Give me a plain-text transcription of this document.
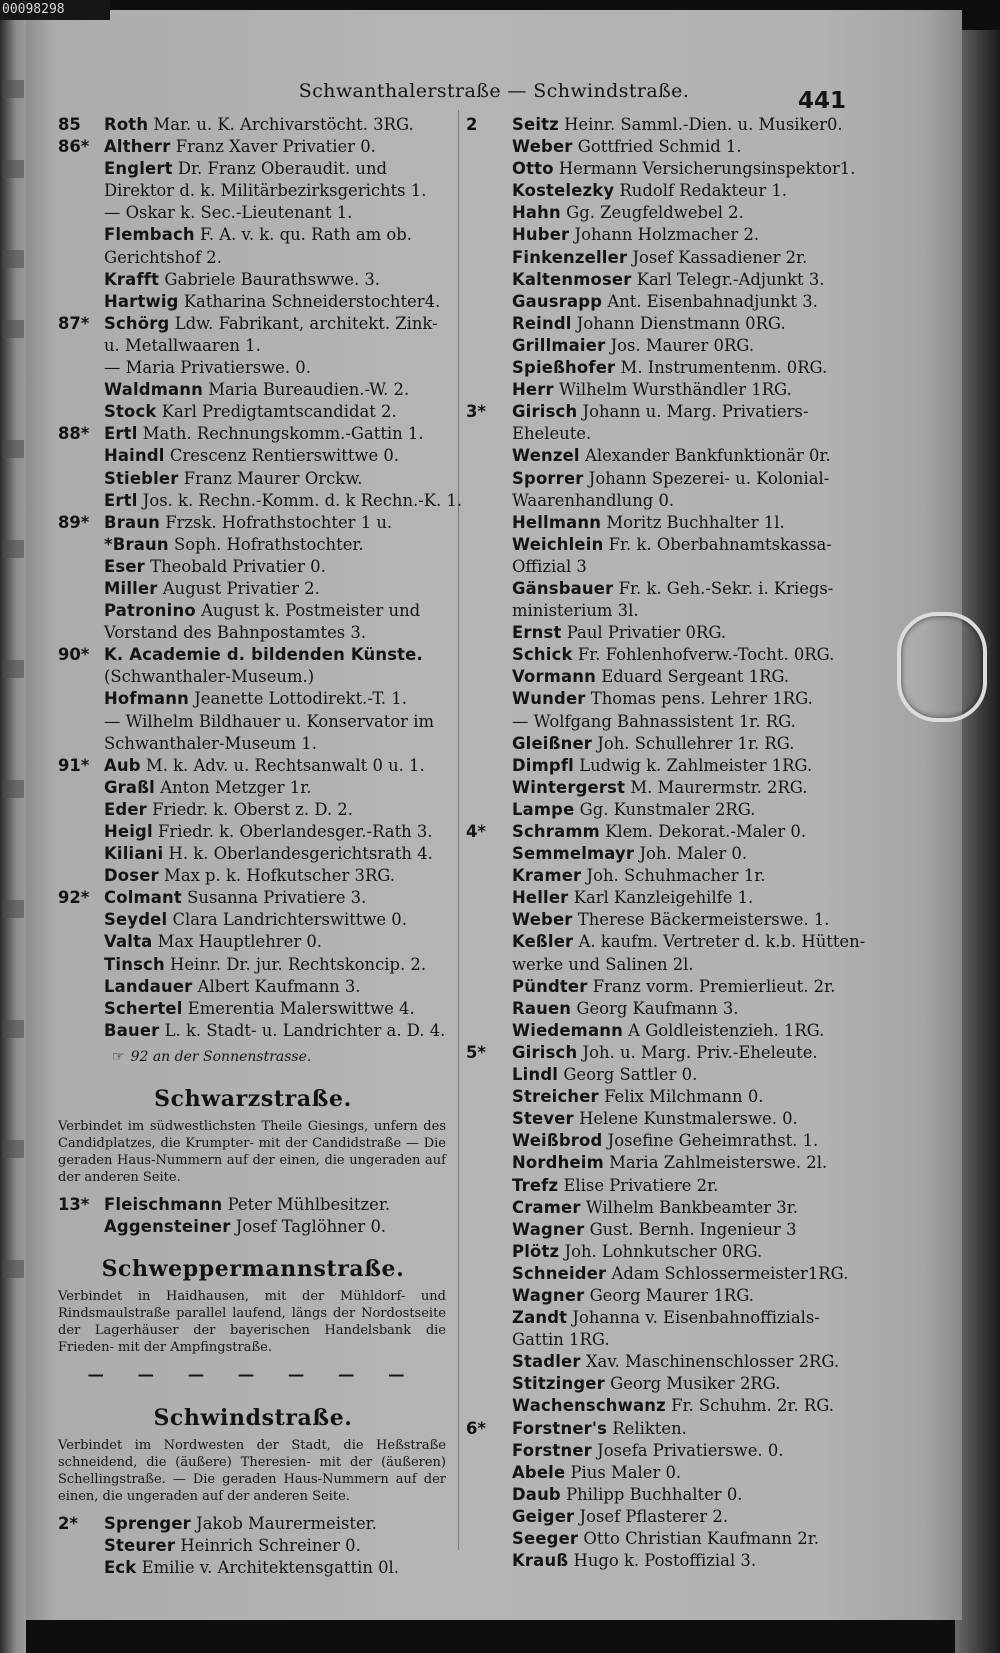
00098298
Schwanthalerstraße — Schwindstraße.	441
85 Roth Mar. u. K. Archivarstöcht. 3RG.
86* Altherr Franz Xaver Privatier 0.
Englert Dr. Franz Oberaudit. und
Direktor d. k. Militärbezirksgerichts 1.
— Oskar k. Sec.-Lieutenant 1.
Flembach F. A. v. k. qu. Rath am ob.
Gerichtshof 2.
Krafft Gabriele Bauraths​wwe. 3.
Hartwig Katharina Schneiderstochter4.
87* Schörg Ldw. Fabrikant, architekt. Zink-
u. Metallwaaren 1.
— Maria Privatierswe. 0.
Waldmann Maria Bureaudien.-W. 2.
Stock Karl Predigtamtscandidat 2.
88* Ertl Math. Rechnungskomm.-Gattin 1.
Haindl Crescenz Rentierswittwe 0.
Stiebler Franz Maurer Orckw.
Ertl Jos. k. Rechn.-Komm. d. k Rechn.-K. 1.
89* Braun Frzsk. Hofrathstochter 1 u.
*Braun Soph. Hofrathstochter.
Eser Theobald Privatier 0.
Miller August Privatier 2.
Patronino August k. Postmeister und
Vorstand des Bahnpostamtes 3.
90* K. Academie d. bildenden Künste.
(Schwanthaler-Museum.)
Hofmann Jeanette Lottodirekt.-T. 1.
— Wilhelm Bildhauer u. Konservator im
Schwanthaler-Museum 1.
91* Aub M. k. Adv. u. Rechtsanwalt 0 u. 1.
Graßl Anton Metzger 1r.
Eder Friedr. k. Oberst z. D. 2.
Heigl Friedr. k. Oberlandesger.-Rath 3.
Kiliani H. k. Oberlandesgerichtsrath 4.
Doser Max p. k. Hofkutscher 3RG.
92* Colmant Susanna Privatiere 3.
Seydel Clara Landrichterswittwe 0.
Valta Max Hauptlehrer 0.
Tinsch Heinr. Dr. jur. Rechtskoncip. 2.
Landauer Albert Kaufmann 3.
Schertel Emerentia Malerswittwe 4.
Bauer L. k. Stadt- u. Landrichter a. D. 4.
☞ 92 an der Sonnenstrasse.
Schwarzstraße.
Verbindet im südwestlichsten Theile Giesings, unfern des Candidplatzes, die Krumpter- mit der Candidstraße — Die geraden Haus-Nummern auf der einen, die ungeraden auf der anderen Seite.
13* Fleischmann Peter Mühlbesitzer.
Aggensteiner Josef Taglöhner 0.
Schweppermannstraße.
Verbindet in Haidhausen, mit der Mühldorf- und Rindsmaulstraße parallel laufend, längs der Nordostseite der Lagerhäuser der bayerischen Handelsbank die Frieden- mit der Ampfingstraße.
— — — — — — —
Schwindstraße.
Verbindet im Nordwesten der Stadt, die Heßstraße schneidend, die (äußere) Theresien- mit der (äußeren) Schellingstraße. — Die geraden Haus-Nummern auf der einen, die ungeraden auf der anderen Seite.
2* Sprenger Jakob Maurermeister.
Steurer Heinrich Schreiner 0.
Eck Emilie v. Architektensgattin 0l.
2 Seitz Heinr. Samml.-Dien. u. Musiker0.
Weber Gottfried Schmid 1.
Otto Hermann Versicherungsinspektor1.
Kostelezky Rudolf Redakteur 1.
Hahn Gg. Zeugfeldwebel 2.
Huber Johann Holzmacher 2.
Finkenzeller Josef Kassadiener 2r.
Kaltenmoser Karl Telegr.-Adjunkt 3.
Gausrapp Ant. Eisenbahnadjunkt 3.
Reindl Johann Dienstmann 0RG.
Grillmaier Jos. Maurer 0RG.
Spießhofer M. Instrumentenm. 0RG.
Herr Wilhelm Wursthändler 1RG.
3* Girisch Johann u. Marg. Privatiers-
Eheleute.
Wenzel Alexander Bankfunktionär 0r.
Sporrer Johann Spezerei- u. Kolonial-
Waarenhandlung 0.
Hellmann Moritz Buchhalter 1l.
Weichlein Fr. k. Oberbahnamtskassa-
Offizial 3
Gänsbauer Fr. k. Geh.-Sekr. i. Kriegs-
ministerium 3l.
Ernst Paul Privatier 0RG.
Schick Fr. Fohlenhofverw.-Tocht. 0RG.
Vormann Eduard Sergeant 1RG.
Wunder Thomas pens. Lehrer 1RG.
— Wolfgang Bahnassistent 1r. RG.
Gleißner Joh. Schullehrer 1r. RG.
Dimpfl Ludwig k. Zahlmeister 1RG.
Wintergerst M. Maurermstr. 2RG.
Lampe Gg. Kunstmaler 2RG.
4* Schramm Klem. Dekorat.-Maler 0.
Semmelmayr Joh. Maler 0.
Kramer Joh. Schuhmacher 1r.
Heller Karl Kanzleigehilfe 1.
Weber Therese Bäckermeisterswe. 1.
Keßler A. kaufm. Vertreter d. k.b. Hütten-
werke und Salinen 2l.
Pündter Franz vorm. Premierlieut. 2r.
Rauen Georg Kaufmann 3.
Wiedemann A Goldleistenzieh. 1RG.
5* Girisch Joh. u. Marg. Priv.-Eheleute.
Lindl Georg Sattler 0.
Streicher Felix Milchmann 0.
Stever Helene Kunstmalerswe. 0.
Weißbrod Josefine Geheimrathst. 1.
Nordheim Maria Zahlmeisterswe. 2l.
Trefz Elise Privatiere 2r.
Cramer Wilhelm Bankbeamter 3r.
Wagner Gust. Bernh. Ingenieur 3
Plötz Joh. Lohnkutscher 0RG.
Schneider Adam Schlossermeister1RG.
Wagner Georg Maurer 1RG.
Zandt Johanna v. Eisenbahnoffizials-
Gattin 1RG.
Stadler Xav. Maschinenschlosser 2RG.
Stitzinger Georg Musiker 2RG.
Wachenschwanz Fr. Schuhm. 2r. RG.
6* Forstner's Relikten.
Forstner Josefa Privatierswe. 0.
Abele Pius Maler 0.
Daub Philipp Buchhalter 0.
Geiger Josef Pflasterer 2.
Seeger Otto Christian Kaufmann 2r.
Krauß Hugo k. Postoffizial 3.
